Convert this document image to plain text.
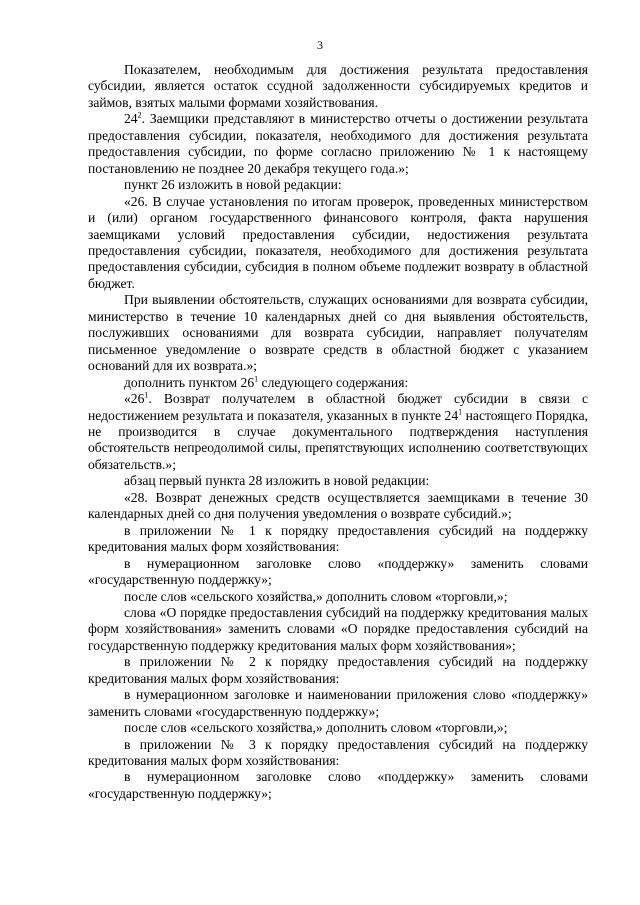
3

Показателем, необходимым для достижения результата предоставления субсидии, является остаток ссудной задолженности субсидируемых кредитов и займов, взятых малыми формами хозяйствования.

$24^2$. Заемщики представляют в министерство отчеты о достижении результата предоставления субсидии, показателя, необходимого для достижения результата предоставления субсидии, по форме согласно приложению № 1 к настоящему постановлению не позднее 20 декабря текущего года.»;

пункт 26 изложить в новой редакции:

«26. В случае установления по итогам проверок, проведенных министерством и (или) органом государственного финансового контроля, факта нарушения заемщиками условий предоставления субсидии, недостижения результата предоставления субсидии, показателя, необходимого для достижения результата предоставления субсидии, субсидия в полном объеме подлежит возврату в областной бюджет.

При выявлении обстоятельств, служащих основаниями для возврата субсидии, министерство в течение 10 календарных дней со дня выявления обстоятельств, послуживших основаниями для возврата субсидии, направляет получателям письменное уведомление о возврате средств в областной бюджет с указанием оснований для их возврата.»;

дополнить пунктом $26^1$ следующего содержания:

«$26^1$. Возврат получателем в областной бюджет субсидии в связи с недостижением результата и показателя, указанных в пункте $24^1$ настоящего Порядка, не производится в случае документального подтверждения наступления обстоятельств непреодолимой силы, препятствующих исполнению соответствующих обязательств.»;

абзац первый пункта 28 изложить в новой редакции:

«28. Возврат денежных средств осуществляется заемщиками в течение 30 календарных дней со дня получения уведомления о возврате субсидий.»;

в приложении № 1 к порядку предоставления субсидий на поддержку кредитования малых форм хозяйствования:

в нумерационном заголовке слово «поддержку» заменить словами «государственную поддержку»;

после слов «сельского хозяйства,» дополнить словом «торговли,»;

слова «О порядке предоставления субсидий на поддержку кредитования малых форм хозяйствования» заменить словами «О порядке предоставления субсидий на государственную поддержку кредитования малых форм хозяйствования»;

в приложении № 2 к порядку предоставления субсидий на поддержку кредитования малых форм хозяйствования:

в нумерационном заголовке и наименовании приложения слово «поддержку» заменить словами «государственную поддержку»;

после слов «сельского хозяйства,» дополнить словом «торговли,»;

в приложении № 3 к порядку предоставления субсидий на поддержку кредитования малых форм хозяйствования:

в нумерационном заголовке слово «поддержку» заменить словами «государственную поддержку»;
